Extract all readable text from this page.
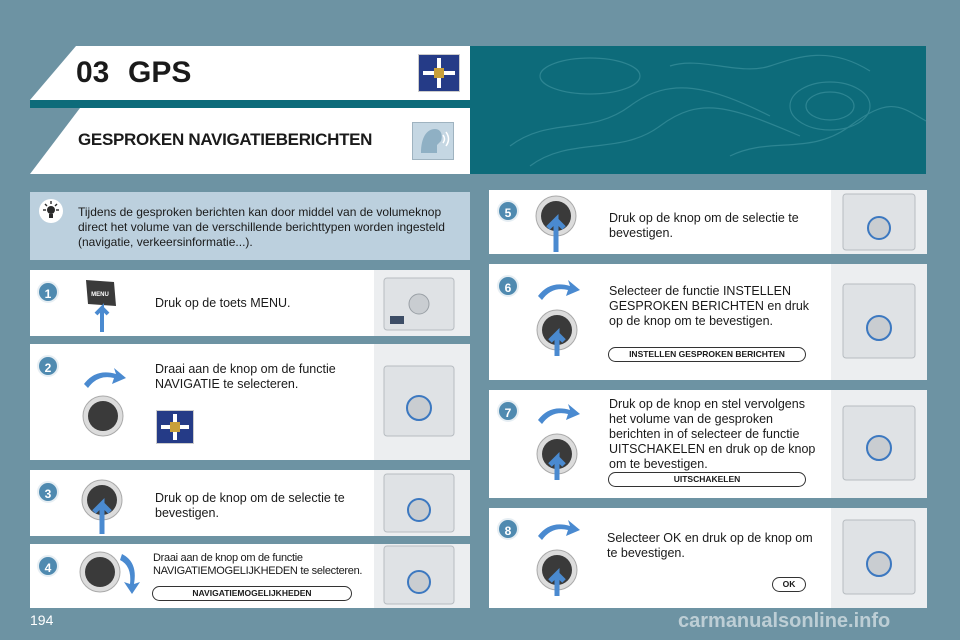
03 GPS
GESPROKEN NAVIGATIEBERICHTEN
Tijdens de gesproken berichten kan door middel van de volumeknop direct het volume van de verschillende berichttypen worden ingesteld (navigatie, verkeersinformatie...).
1	MENU
Druk op de toets MENU.
2	Draai aan de knop om de functie NAVIGATIE te selecteren.
3	Druk op de knop om de selectie te bevestigen.
4
Draai aan de knop om de functie NAVIGATIEMOGELIJKHEDEN te selecteren.
NAVIGATIEMOGELIJKHEDEN
5	Druk op de knop om de selectie te bevestigen.
6	Selecteer de functie INSTELLEN GESPROKEN BERICHTEN en druk op de knop om te bevestigen.
INSTELLEN GESPROKEN BERICHTEN
7
Druk op de knop en stel vervolgens het volume van de gesproken berichten in of selecteer de functie UITSCHAKELEN en druk op de knop om te bevestigen.
UITSCHAKELEN
8	Selecteer OK en druk op de knop om te bevestigen.
OK
194	carmanualsonline.info
